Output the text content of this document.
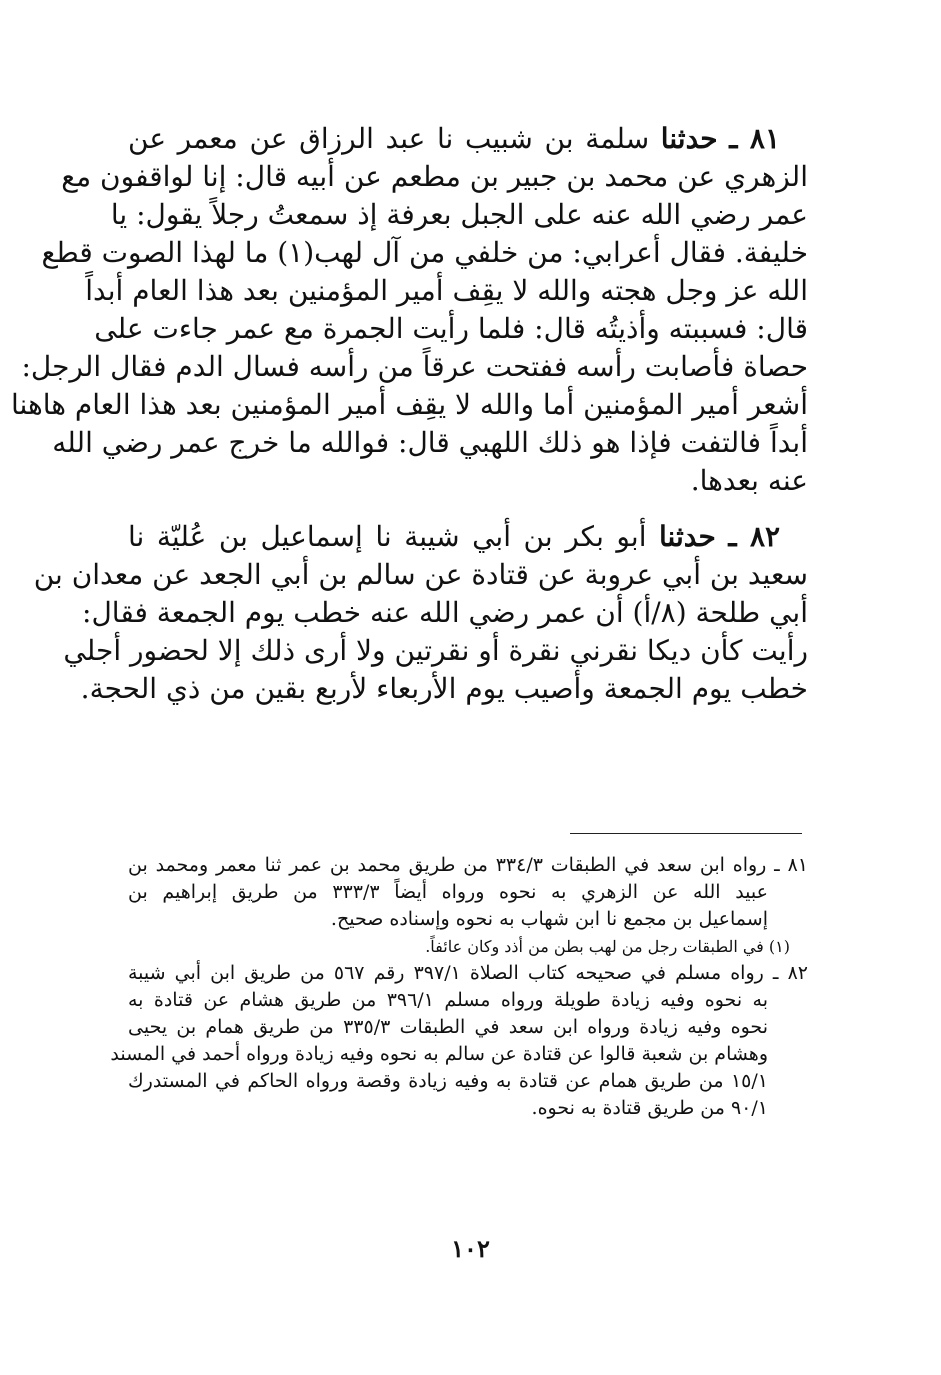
٨١ ـ حدثنا سلمة بن شبيب نا عبد الرزاق عن معمر عن
الزهري عن محمد بن جبير بن مطعم عن أبيه قال: إنا لواقفون مع
عمر رضي الله عنه على الجبل بعرفة إذ سمعتُ رجلاً يقول: يا
خليفة. فقال أعرابي: من خلفي من آل لهب(١) ما لهذا الصوت قطع
الله عز وجل هجته والله لا يقِف أمير المؤمنين بعد هذا العام أبداً
قال: فسببته وأذيتُه قال: فلما رأيت الجمرة مع عمر جاءت على
حصاة فأصابت رأسه ففتحت عرقاً من رأسه فسال الدم فقال الرجل:
أشعر أمير المؤمنين أما والله لا يقِف أمير المؤمنين بعد هذا العام هاهنا
أبداً فالتفت فإذا هو ذلك اللهبي قال: فوالله ما خرج عمر رضي الله
عنه بعدها.
٨٢ ـ حدثنا أبو بكر بن أبي شيبة نا إسماعيل بن عُليّة نا
سعيد بن أبي عروبة عن قتادة عن سالم بن أبي الجعد عن معدان بن
أبي طلحة (٨/أ) أن عمر رضي الله عنه خطب يوم الجمعة فقال:
رأيت كأن ديكا نقرني نقرة أو نقرتين ولا أرى ذلك إلا لحضور أجلي
خطب يوم الجمعة وأصيب يوم الأربعاء لأربع بقين من ذي الحجة.
٨١ ـ رواه ابن سعد في الطبقات ٣٣٤/٣ من طريق محمد بن عمر ثنا معمر ومحمد بن
عبيد الله عن الزهري به نحوه ورواه أيضاً ٣٣٣/٣ من طريق إبراهيم بن
إسماعيل بن مجمع نا ابن شهاب به نحوه وإسناده صحيح.
(١) في الطبقات رجل من لهب بطن من أذد وكان عائفاً.
٨٢ ـ رواه مسلم في صحيحه كتاب الصلاة ٣٩٧/١ رقم ٥٦٧ من طريق ابن أبي شيبة
به نحوه وفيه زيادة طويلة ورواه مسلم ٣٩٦/١ من طريق هشام عن قتادة به
نحوه وفيه زيادة ورواه ابن سعد في الطبقات ٣٣٥/٣ من طريق همام بن يحيى
وهشام بن شعبة قالوا عن قتادة عن سالم به نحوه وفيه زيادة ورواه أحمد في المسند
١٥/١ من طريق همام عن قتادة به وفيه زيادة وقصة ورواه الحاكم في المستدرك
٩٠/١ من طريق قتادة به نحوه.
١٠٢
